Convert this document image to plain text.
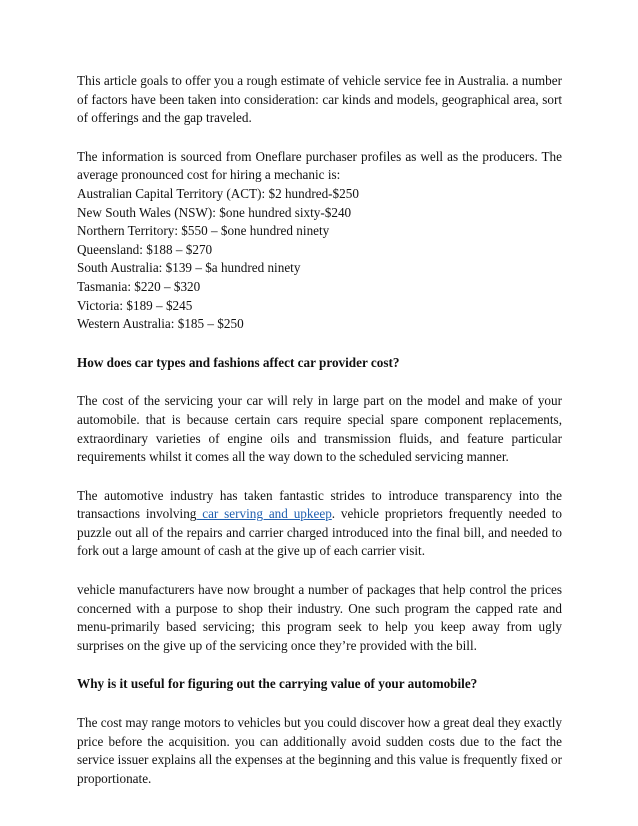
This article goals to offer you a rough estimate of vehicle service fee in Australia. a number of factors have been taken into consideration: car kinds and models, geographical area, sort of offerings and the gap traveled.

The information is sourced from Oneflare purchaser profiles as well as the producers. The average pronounced cost for hiring a mechanic is:

Australian Capital Territory (ACT): $2 hundred-$250
New South Wales (NSW): $one hundred sixty-$240
Northern Territory: $550 – $one hundred ninety
Queensland: $188 – $270
South Australia: $139 – $a hundred ninety
Tasmania: $220 – $320
Victoria: $189 – $245
Western Australia: $185 – $250
How does car types and fashions affect car provider cost?

The cost of the servicing your car will rely in large part on the model and make of your automobile. that is because certain cars require special spare component replacements, extraordinary varieties of engine oils and transmission fluids, and feature particular requirements whilst it comes all the way down to the scheduled servicing manner.

The automotive industry has taken fantastic strides to introduce transparency into the transactions involving car serving and upkeep. vehicle proprietors frequently needed to puzzle out all of the repairs and carrier charged introduced into the final bill, and needed to fork out a large amount of cash at the give up of each carrier visit.

vehicle manufacturers have now brought a number of packages that help control the prices concerned with a purpose to shop their industry. One such program the capped rate and menu-primarily based servicing; this program seek to help you keep away from ugly surprises on the give up of the servicing once they’re provided with the bill.

Why is it useful for figuring out the carrying value of your automobile?

The cost may range motors to vehicles but you could discover how a great deal they exactly price before the acquisition. you can additionally avoid sudden costs due to the fact the service issuer explains all the expenses at the beginning and this value is frequently fixed or proportionate.
